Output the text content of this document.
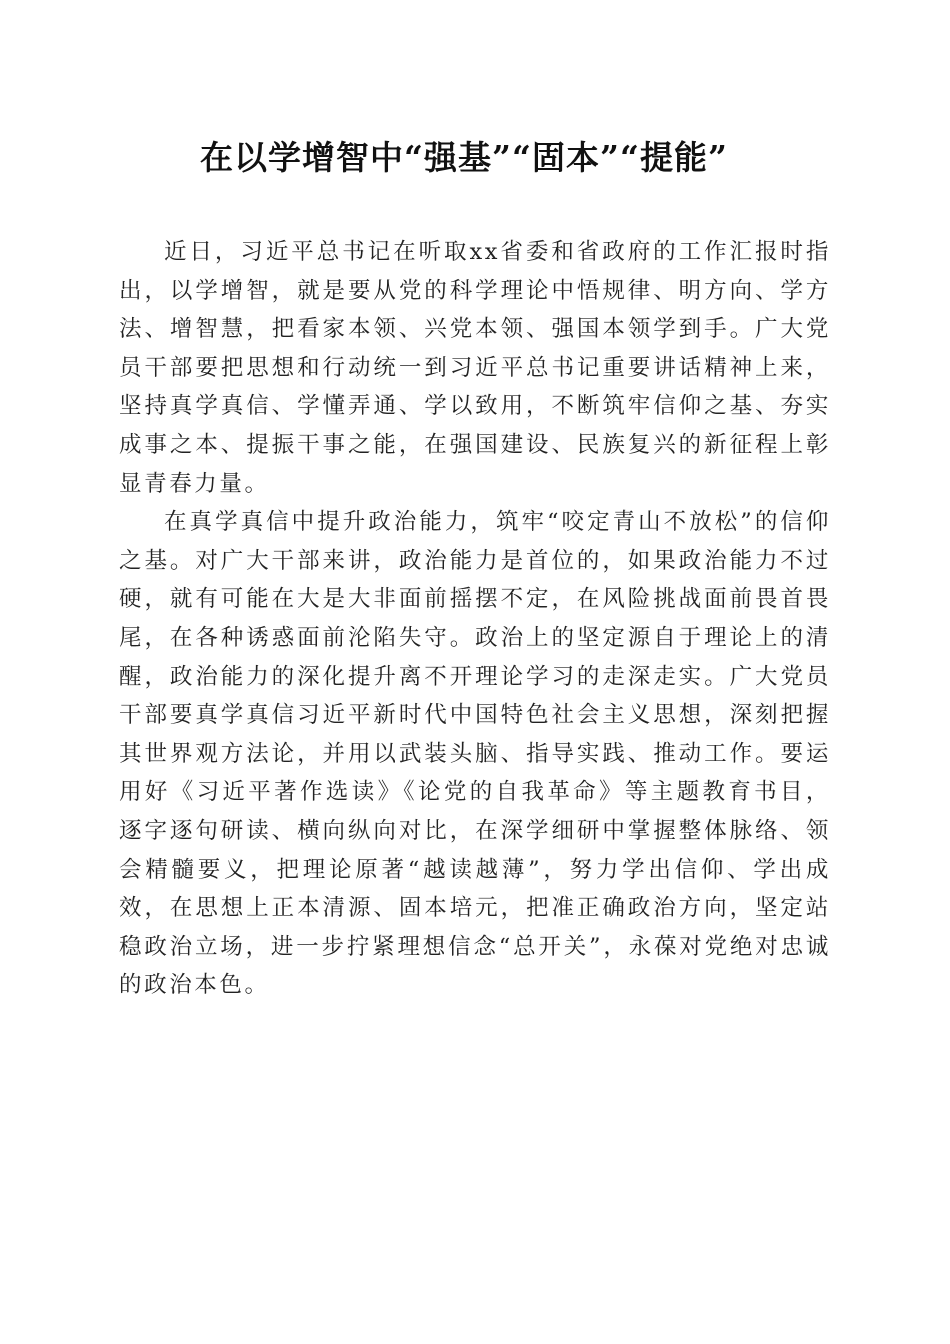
在以学增智中“强基”“固本”“提能”

近日，习近平总书记在听取xx省委和省政府的工作汇报时指出，以学增智，就是要从党的科学理论中悟规律、明方向、学方法、增智慧，把看家本领、兴党本领、强国本领学到手。广大党员干部要把思想和行动统一到习近平总书记重要讲话精神上来，坚持真学真信、学懂弄通、学以致用，不断筑牢信仰之基、夯实成事之本、提振干事之能，在强国建设、民族复兴的新征程上彰显青春力量。

在真学真信中提升政治能力，筑牢“咬定青山不放松”的信仰之基。对广大干部来讲，政治能力是首位的，如果政治能力不过硬，就有可能在大是大非面前摇摆不定，在风险挑战面前畏首畏尾，在各种诱惑面前沦陷失守。政治上的坚定源自于理论上的清醒，政治能力的深化提升离不开理论学习的走深走实。广大党员干部要真学真信习近平新时代中国特色社会主义思想，深刻把握其世界观方法论，并用以武装头脑、指导实践、推动工作。要运用好《习近平著作选读》《论党的自我革命》等主题教育书目，逐字逐句研读、横向纵向对比，在深学细研中掌握整体脉络、领会精髓要义，把理论原著“越读越薄”，努力学出信仰、学出成效，在思想上正本清源、固本培元，把准正确政治方向，坚定站稳政治立场，进一步拧紧理想信念“总开关”，永葆对党绝对忠诚的政治本色。
